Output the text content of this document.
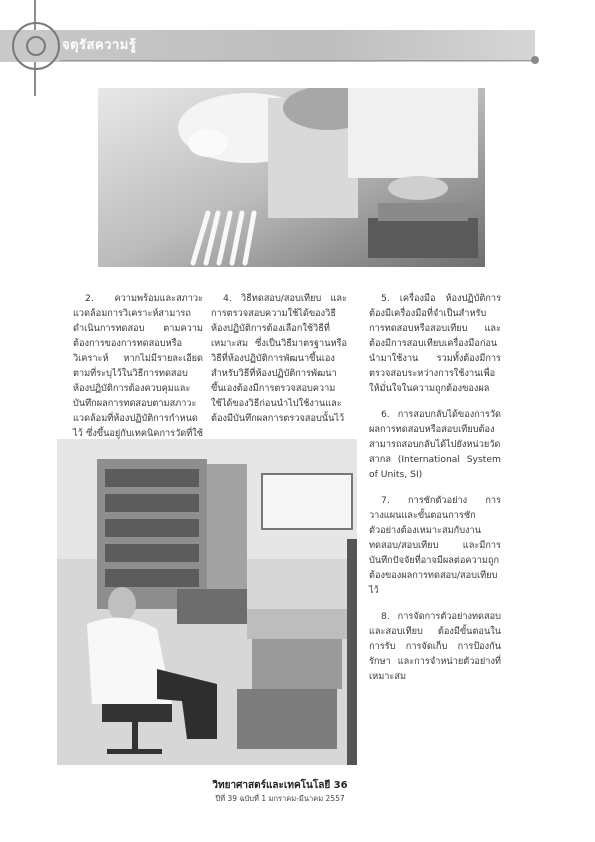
จตุรัสความรู้

2. ความพร้อมและสภาวะแวดล้อมการวิเคราะห์สามารถดำเนินการทดสอบ ตามความต้องการของการทดสอบหรือวิเคราะห์ หากไม่มีรายละเอียดตามที่ระบุไว้ในวิธีการทดสอบ ห้องปฏิบัติการต้องควบคุมและบันทึกผลการทดสอบตามสภาวะแวดล้อมที่ห้องปฏิบัติการกำหนดไว้ ซึ่งขึ้นอยู่กับเทคนิคการวัดที่ใช้

4. วิธีทดสอบ/สอบเทียบ และการตรวจสอบความใช้ได้ของวิธี ห้องปฏิบัติการต้องเลือกใช้วิธีที่เหมาะสม ซึ่งเป็นวิธีมาตรฐานหรือวิธีที่ห้องปฏิบัติการพัฒนาขึ้นเอง สำหรับวิธีที่ห้องปฏิบัติการพัฒนาขึ้นเองต้องมีการตรวจสอบความใช้ได้ของวิธีก่อนนำไปใช้งานและต้องมีบันทึกผลการตรวจสอบนั้นไว้

5. เครื่องมือ ห้องปฏิบัติการต้องมีเครื่องมือที่จำเป็นสำหรับการทดสอบหรือสอบเทียบ และต้องมีการสอบเทียบเครื่องมือก่อนนำมาใช้งาน รวมทั้งต้องมีการตรวจสอบระหว่างการใช้งานเพื่อให้มั่นใจในความถูกต้องของผล

6. การสอบกลับได้ของการวัด ผลการทดสอบหรือสอบเทียบต้องสามารถสอบกลับได้ไปยังหน่วยวัดสากล (International System of Units, SI)

7. การชักตัวอย่าง การวางแผนและขั้นตอนการชักตัวอย่างต้องเหมาะสมกับงานทดสอบ/สอบเทียบ และมีการบันทึกปัจจัยที่อาจมีผลต่อความถูกต้องของผลการทดสอบ/สอบเทียบไว้

8. การจัดการตัวอย่างทดสอบและสอบเทียบ ต้องมีขั้นตอนในการรับ การจัดเก็บ การป้องกันรักษา และการจำหน่ายตัวอย่างที่เหมาะสม

วิทยาศาสตร์และเทคโนโลยี 36
ปีที่ 39 ฉบับที่ 1 มกราคม-มีนาคม 2557
